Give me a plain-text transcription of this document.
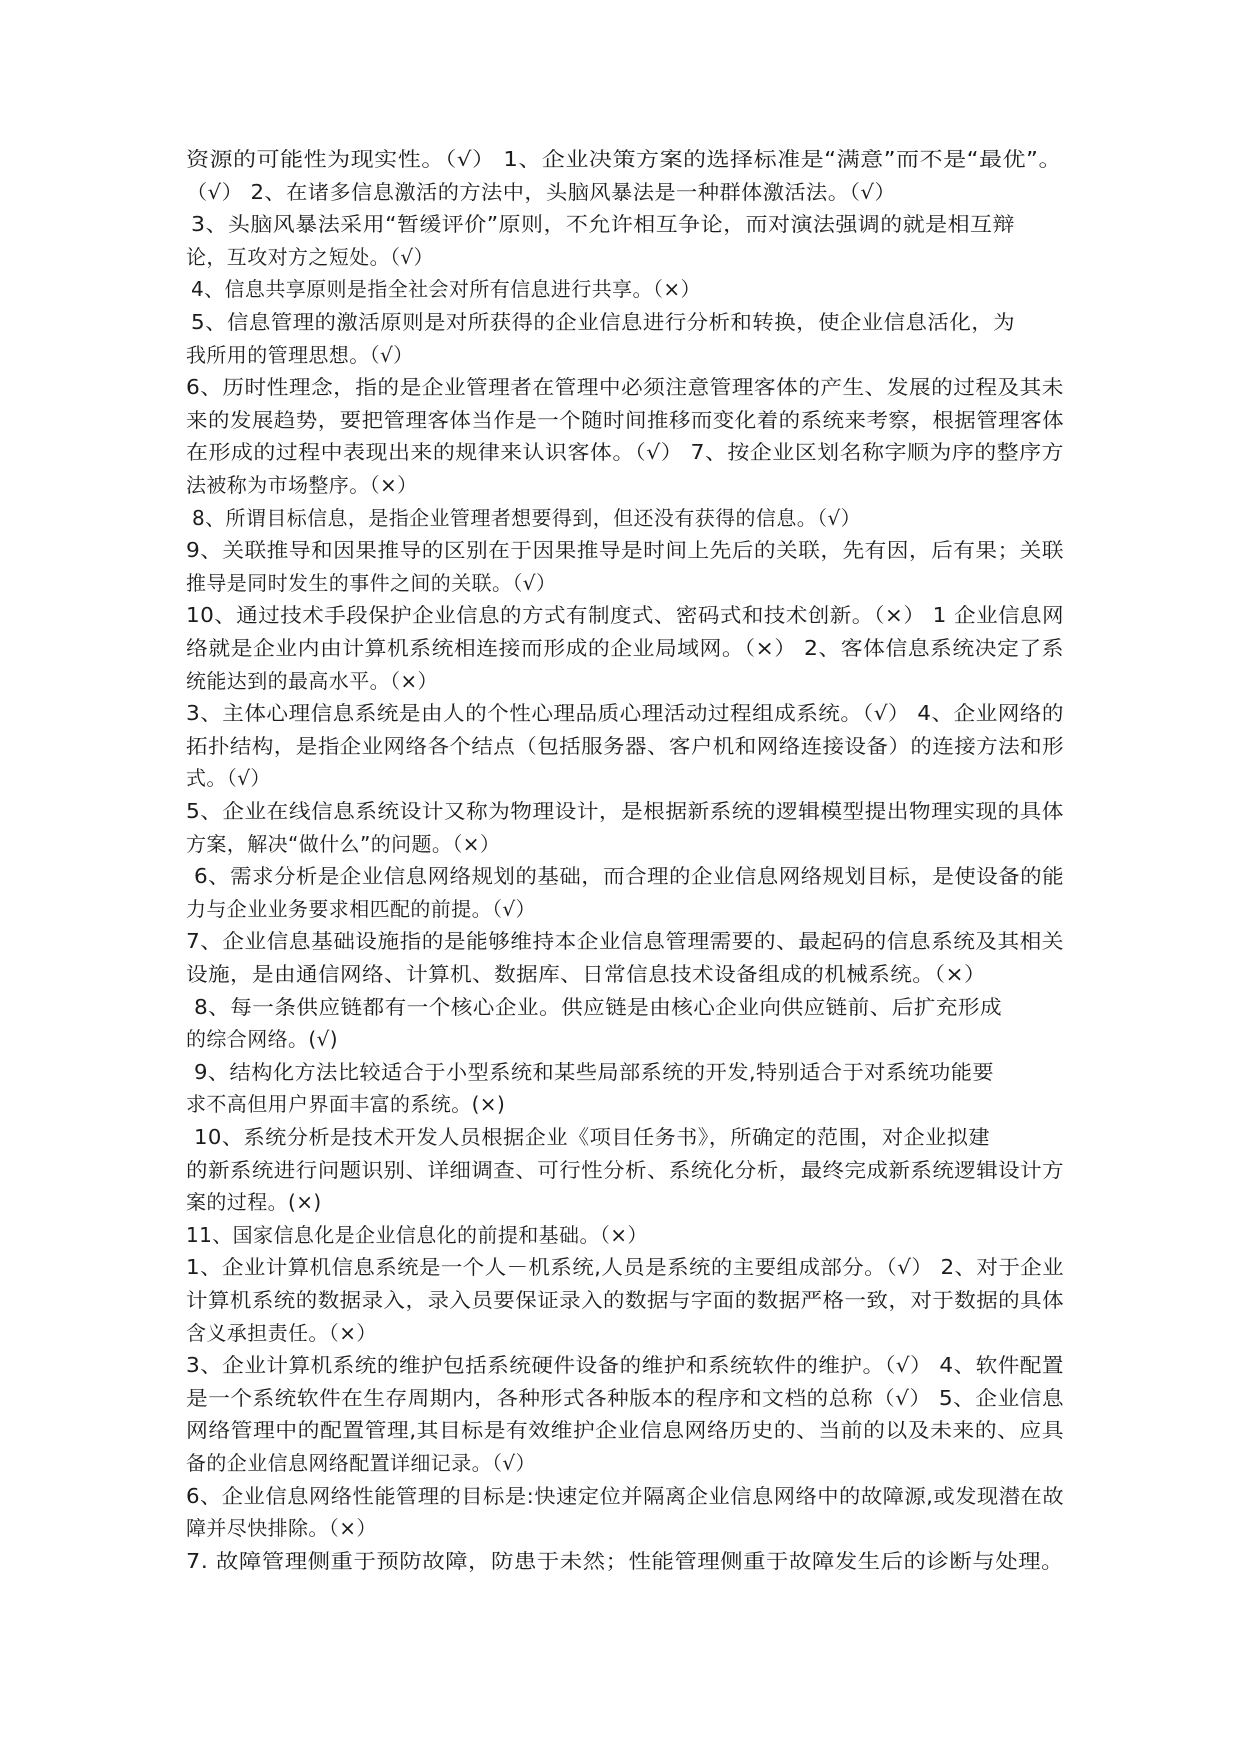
资源的可能性为现实性。（√） 1、企业决策方案的选择标准是“满意”而不是“最优”。
（√） 2、在诸多信息激活的方法中，头脑风暴法是一种群体激活法。（√）
3、头脑风暴法采用“暂缓评价”原则，不允许相互争论，而对演法强调的就是相互辩
论，互攻对方之短处。（√）
4、信息共享原则是指全社会对所有信息进行共享。（×）
5、信息管理的激活原则是对所获得的企业信息进行分析和转换，使企业信息活化，为
我所用的管理思想。（√）
6、历时性理念，指的是企业管理者在管理中必须注意管理客体的产生、发展的过程及其未
来的发展趋势，要把管理客体当作是一个随时间推移而变化着的系统来考察，根据管理客体
在形成的过程中表现出来的规律来认识客体。（√） 7、按企业区划名称字顺为序的整序方
法被称为市场整序。（×）
8、所谓目标信息，是指企业管理者想要得到，但还没有获得的信息。（√）
9、关联推导和因果推导的区别在于因果推导是时间上先后的关联，先有因，后有果；关联
推导是同时发生的事件之间的关联。（√）
10、通过技术手段保护企业信息的方式有制度式、密码式和技术创新。（×） 1 企业信息网
络就是企业内由计算机系统相连接而形成的企业局域网。（×） 2、客体信息系统决定了系
统能达到的最高水平。（×）
3、主体心理信息系统是由人的个性心理品质心理活动过程组成系统。（√） 4、企业网络的
拓扑结构，是指企业网络各个结点（包括服务器、客户机和网络连接设备）的连接方法和形
式。（√）
5、企业在线信息系统设计又称为物理设计，是根据新系统的逻辑模型提出物理实现的具体
方案，解决“做什么”的问题。（×）
6、需求分析是企业信息网络规划的基础，而合理的企业信息网络规划目标，是使设备的能
力与企业业务要求相匹配的前提。（√）
7、企业信息基础设施指的是能够维持本企业信息管理需要的、最起码的信息系统及其相关
设施，是由通信网络、计算机、数据库、日常信息技术设备组成的机械系统。（×）
8、每一条供应链都有一个核心企业。供应链是由核心企业向供应链前、后扩充形成
的综合网络。(√)
9、结构化方法比较适合于小型系统和某些局部系统的开发,特别适合于对系统功能要
求不高但用户界面丰富的系统。(×)
10、系统分析是技术开发人员根据企业《项目任务书》，所确定的范围，对企业拟建
的新系统进行问题识别、详细调查、可行性分析、系统化分析，最终完成新系统逻辑设计方
案的过程。(×)
11、国家信息化是企业信息化的前提和基础。（×）
1、企业计算机信息系统是一个人－机系统,人员是系统的主要组成部分。（√） 2、对于企业
计算机系统的数据录入，录入员要保证录入的数据与字面的数据严格一致，对于数据的具体
含义承担责任。（×）
3、企业计算机系统的维护包括系统硬件设备的维护和系统软件的维护。（√） 4、软件配置
是一个系统软件在生存周期内，各种形式各种版本的程序和文档的总称（√） 5、企业信息
网络管理中的配置管理,其目标是有效维护企业信息网络历史的、当前的以及未来的、应具
备的企业信息网络配置详细记录。（√）
6、企业信息网络性能管理的目标是:快速定位并隔离企业信息网络中的故障源,或发现潜在故
障并尽快排除。（×）
7. 故障管理侧重于预防故障，防患于未然；性能管理侧重于故障发生后的诊断与处理。
